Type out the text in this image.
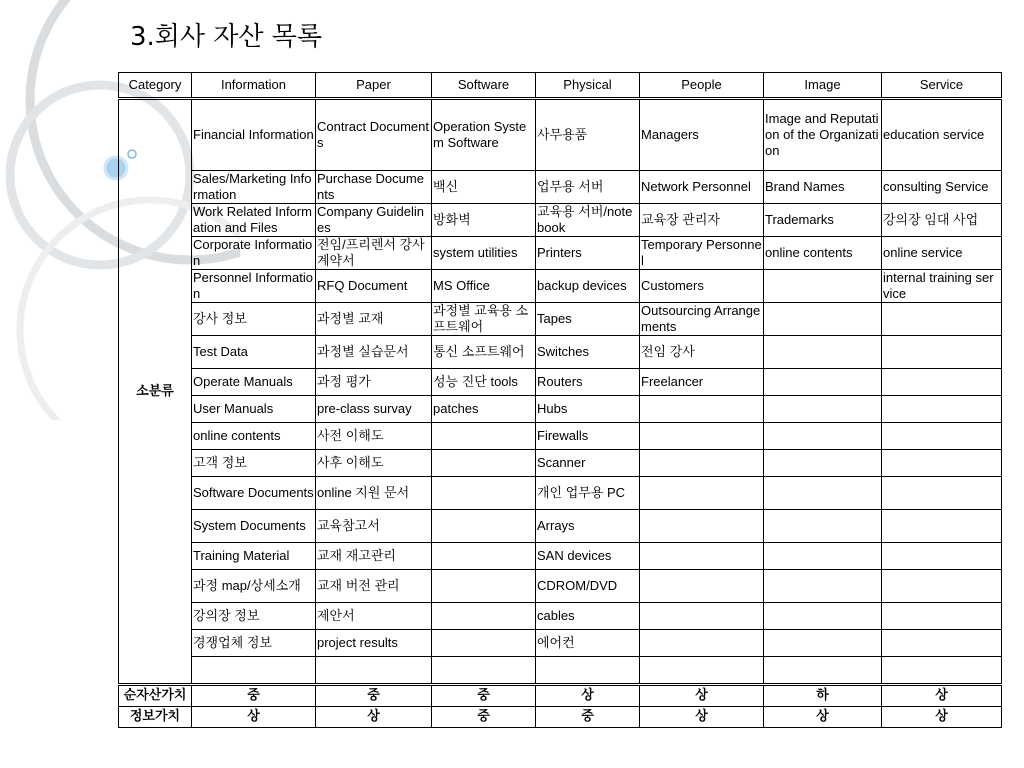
3.회사 자산 목록
Category	Information	Paper	Software	Physical	People	Image	Service
소분류	Financial Information	Contract Documents	Operation System Software	사무용품	Managers	Image and Reputation of the Organization	education service
	Sales/Marketing Information	Purchase Documents	백신	업무용 서버	Network Personnel	Brand Names	consulting Service
	Work Related Information and Files	Company Guidelines	방화벽	교육용 서버/notebook	교육장 관리자	Trademarks	강의장 임대 사업
	Corporate Information	전임/프리렌서 강사 계약서	system utilities	Printers	Temporary Personnel	online contents	online service
	Personnel Information	RFQ Document	MS Office	backup devices	Customers		internal training service
	강사 정보	과정별 교재	과정별 교육용 소프트웨어	Tapes	Outsourcing Arrangements		
	Test Data	과정별 실습문서	통신 소프트웨어	Switches	전임 강사		
	Operate Manuals	과정 평가	성능 진단 tools	Routers	Freelancer		
	User Manuals	pre-class survay	patches	Hubs			
	online contents	사전 이해도		Firewalls			
	고객 정보	사후 이해도		Scanner			
	Software Documents	online 지원 문서		개인 업무용 PC			
	System Documents	교육참고서		Arrays			
	Training Material	교재 재고관리		SAN devices			
	과정 map/상세소개	교재 버전 관리		CDROM/DVD			
	강의장 정보	제안서		cables			
	경쟁업체 정보	project results		에어컨			

순자산가치	중	중	중	상	상	하	상
정보가치	상	상	중	중	상	상	상
